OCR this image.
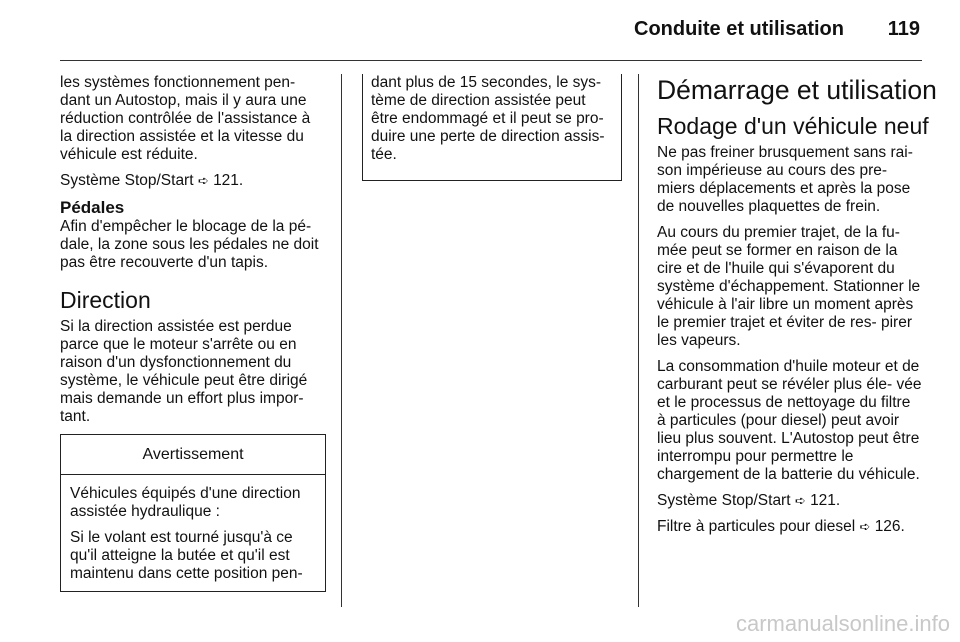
Conduite et utilisation	119

les systèmes fonctionnement pen- dant un Autostop, mais il y aura une réduction contrôlée de l'assistance à la direction assistée et la vitesse du véhicule est réduite.

Système Stop/Start ➪ 121.

Pédales

Afin d'empêcher le blocage de la pé- dale, la zone sous les pédales ne doit pas être recouverte d'un tapis.

Direction

Si la direction assistée est perdue parce que le moteur s'arrête ou en raison d'un dysfonctionnement du système, le véhicule peut être dirigé mais demande un effort plus impor- tant.

Avertissement

Véhicules équipés d'une direction assistée hydraulique :

Si le volant est tourné jusqu'à ce qu'il atteigne la butée et qu'il est maintenu dans cette position pen-

dant plus de 15 secondes, le sys- tème de direction assistée peut être endommagé et il peut se pro- duire une perte de direction assis- tée.

Démarrage et utilisation
Rodage d'un véhicule neuf

Ne pas freiner brusquement sans rai- son impérieuse au cours des pre- miers déplacements et après la pose de nouvelles plaquettes de frein.

Au cours du premier trajet, de la fu- mée peut se former en raison de la cire et de l'huile qui s'évaporent du système d'échappement. Stationner le véhicule à l'air libre un moment après le premier trajet et éviter de res- pirer les vapeurs.

La consommation d'huile moteur et de carburant peut se révéler plus éle- vée et le processus de nettoyage du filtre à particules (pour diesel) peut avoir lieu plus souvent. L'Autostop peut être interrompu pour permettre le chargement de la batterie du véhicule.

Système Stop/Start ➪ 121.

Filtre à particules pour diesel ➪ 126.

carmanualsonline.info
